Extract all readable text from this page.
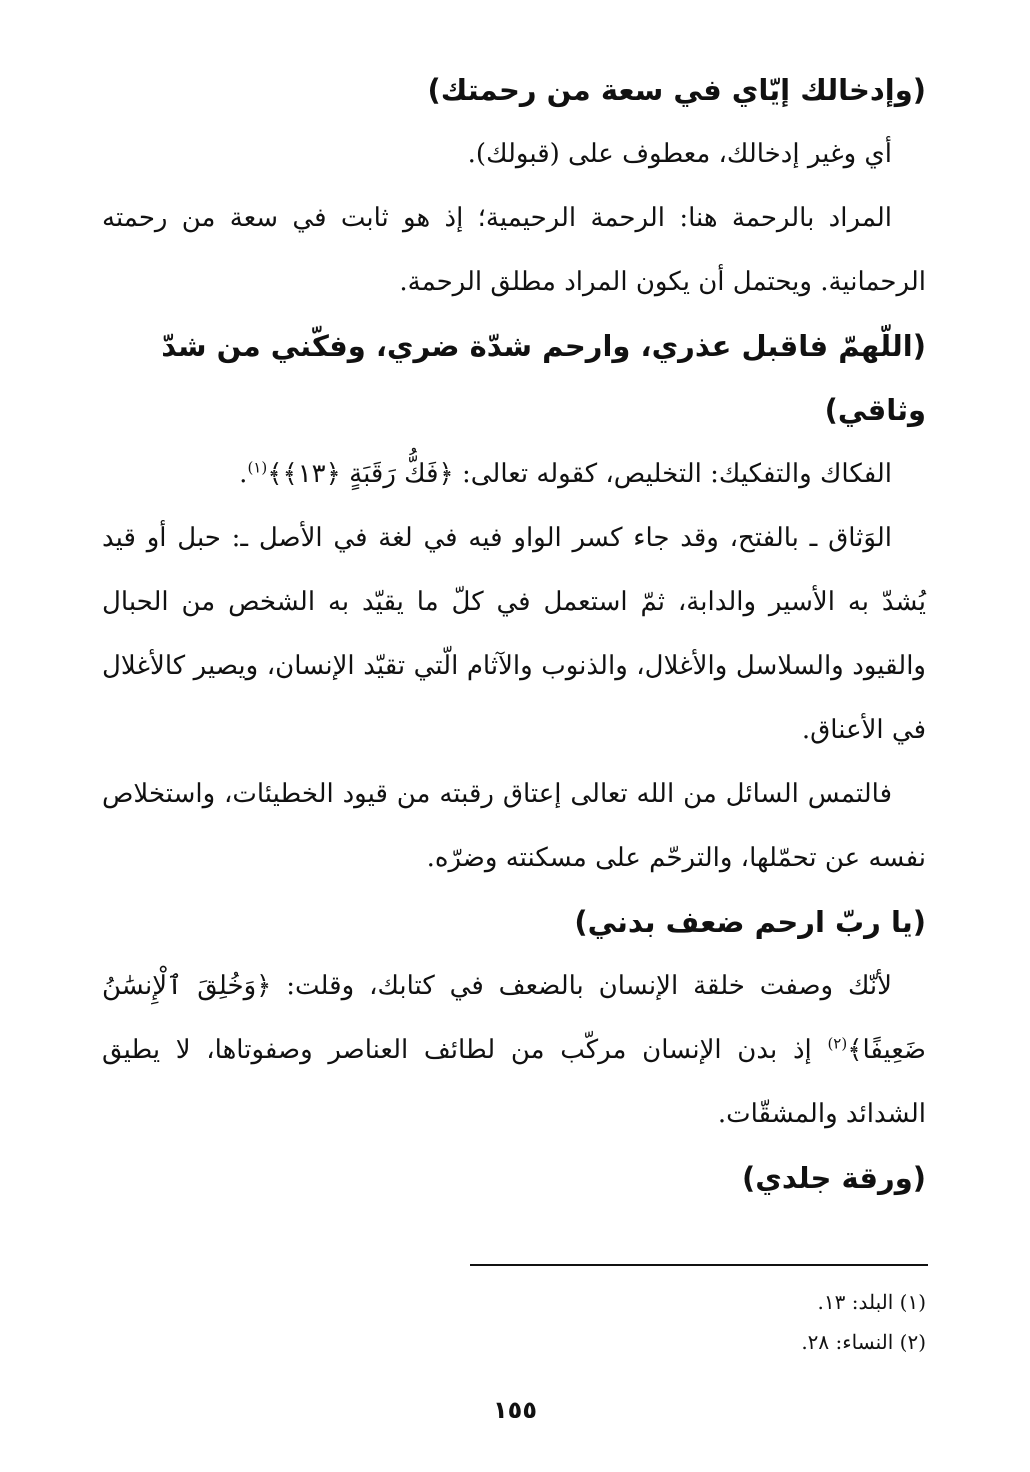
(وإدخالك إيّاي في سعة من رحمتك)

أي وغير إدخالك، معطوف على (قبولك).

المراد بالرحمة هنا: الرحمة الرحيمية؛ إذ هو ثابت في سعة من رحمته الرحمانية. ويحتمل أن يكون المراد مطلق الرحمة.

(اللّهمّ فاقبل عذري، وارحم شدّة ضري، وفكّني من شدّ وثاقي)

الفكاك والتفكيك: التخليص، كقوله تعالى: ﴿فَكُّ رَقَبَةٍ ﴿١٣﴾﴾$^{(١)}$.

الوَثاق ـ بالفتح، وقد جاء كسر الواو فيه في لغة في الأصل ـ: حبل أو قيد يُشدّ به الأسير والدابة، ثمّ استعمل في كلّ ما يقيّد به الشخص من الحبال والقيود والسلاسل والأغلال، والذنوب والآثام الّتي تقيّد الإنسان، ويصير كالأغلال في الأعناق.

فالتمس السائل من الله تعالى إعتاق رقبته من قيود الخطيئات، واستخلاص نفسه عن تحمّلها، والترحّم على مسكنته وضرّه.

(يا ربّ ارحم ضعف بدني)

لأنّك وصفت خلقة الإنسان بالضعف في كتابك، وقلت: ﴿وَخُلِقَ ٱلْإِنسَٰنُ ضَعِيفًا﴾$^{(٢)}$ إذ بدن الإنسان مركّب من لطائف العناصر وصفوتاها، لا يطيق الشدائد والمشقّات.

(ورقة جلدي)

(١) البلد: ١٣.

(٢) النساء: ٢٨.

١٥٥
